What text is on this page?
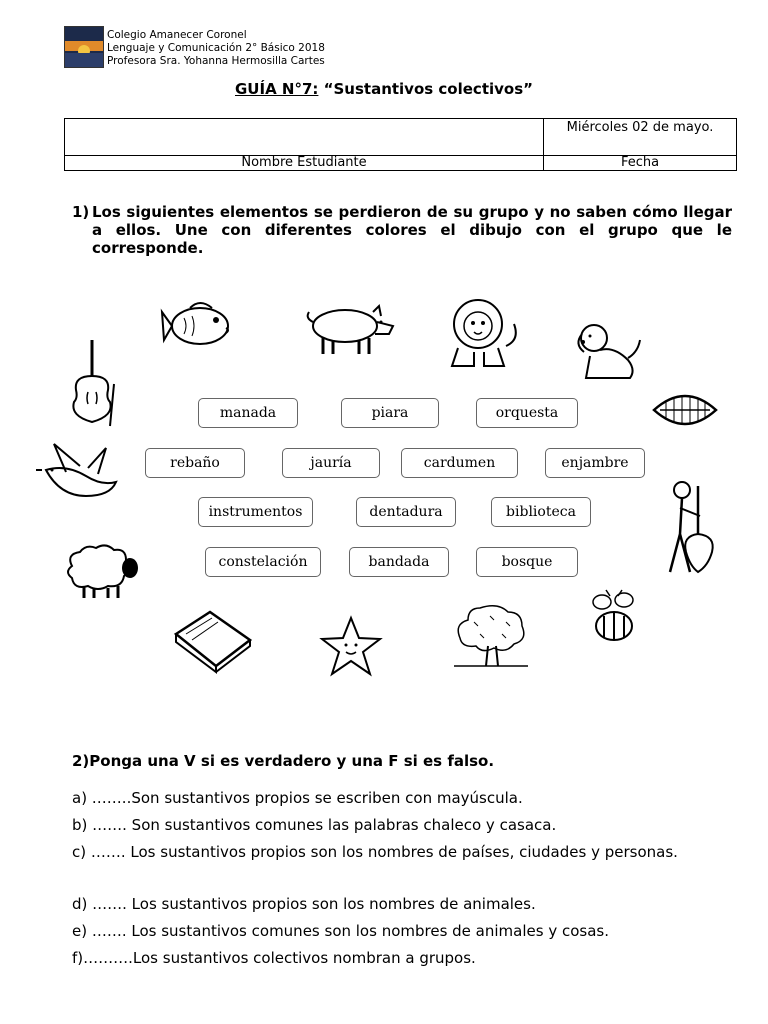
Colegio Amanecer Coronel
Lenguaje y Comunicación 2° Básico 2018
Profesora Sra. Yohanna Hermosilla Cartes
GUÍA N°7: “Sustantivos colectivos”
	Miércoles 02 de mayo.
Nombre Estudiante	Fecha
1) Los siguientes elementos se perdieron de su grupo y no saben cómo llegar a ellos. Une con diferentes colores el dibujo con el grupo que le corresponde.
manada	piara	orquesta
rebaño	jauría	cardumen	enjambre
instrumentos	dentadura	biblioteca
constelación	bandada	bosque
2)Ponga una V si es verdadero y una F si es falso.
a) ……..Son sustantivos propios se escriben con mayúscula.
b) ……. Son sustantivos comunes las palabras chaleco y casaca.
c) ……. Los sustantivos propios son los nombres de países, ciudades y personas.
d) ……. Los sustantivos propios son los nombres de animales.
e) ……. Los sustantivos comunes son los nombres de animales y cosas.
f)……….Los sustantivos colectivos nombran a grupos.
